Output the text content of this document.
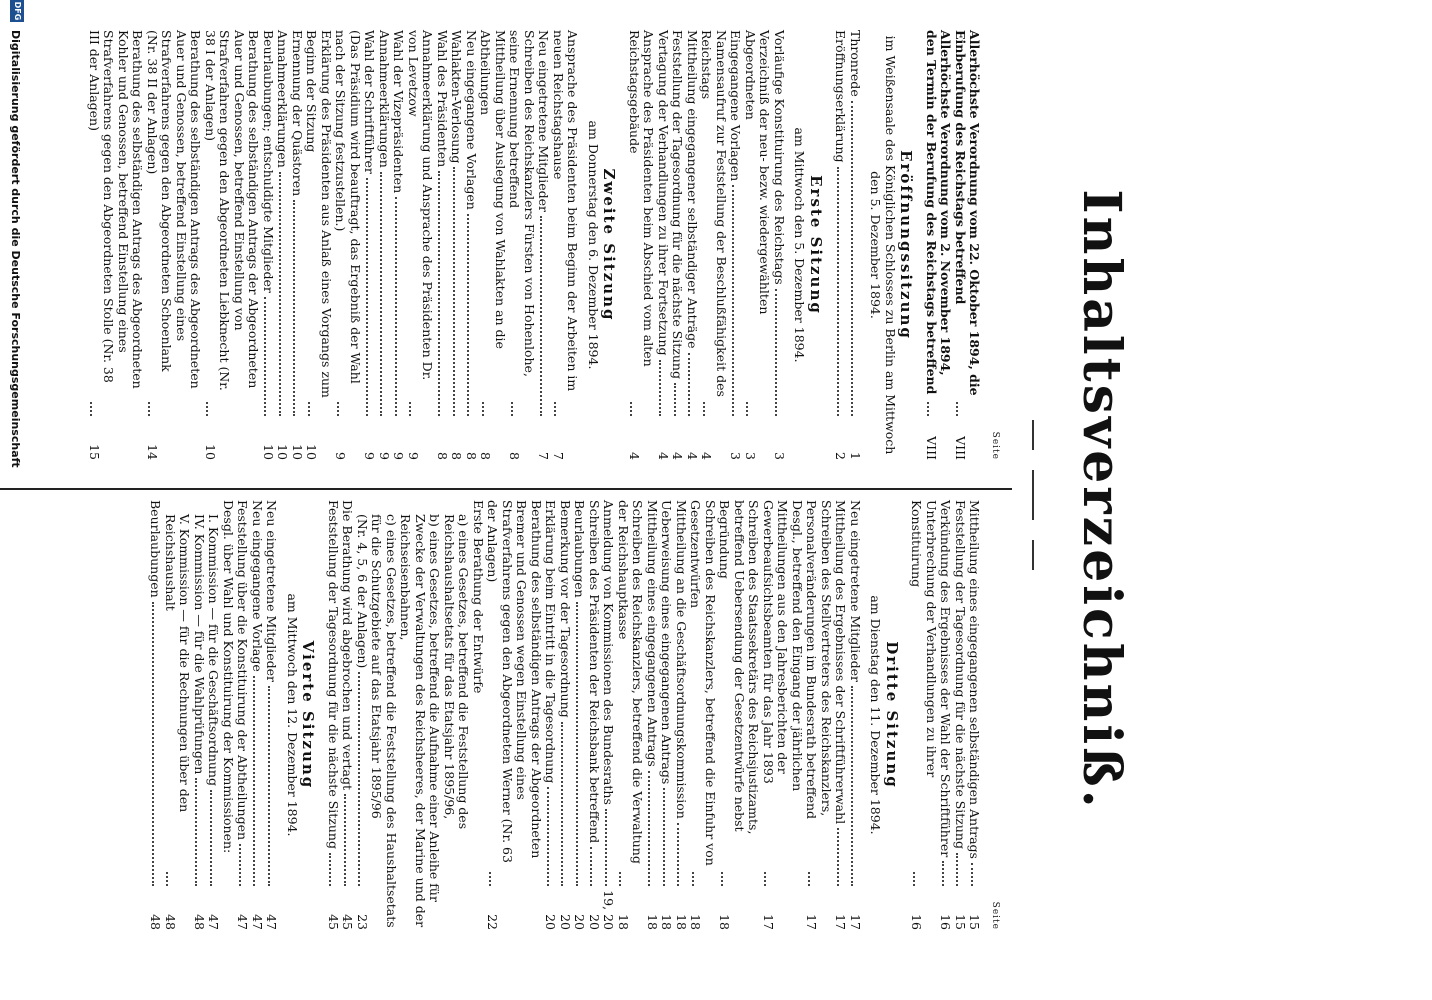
Inhaltsverzeichniß.
Seite
Allerhöchste Verordnung vom 22. Oktober 1894, die Einberufung des Reichstags betreffend
VIII
Allerhöchste Verordnung vom 2. November 1894, den Termin der Berufung des Reichstags betreffend
VIII
Eröffnungssitzung
im Weißensaale des Königlichen Schlosses zu Berlin am Mittwoch den 5. Dezember 1894.
Thronrede
1
Eröffnungserklärung
2
Erste Sitzung
am Mittwoch den 5. Dezember 1894.
Vorläufige Konstituirung des Reichstags
3
Verzeichniß der neu- bezw. wiedergewählten Abgeordneten
3
Eingegangene Vorlagen
3
Namensaufruf zur Feststellung der Beschlußfähigkeit des Reichstags
4
Mittheilung eingegangener selbständiger Anträge
4
Feststellung der Tagesordnung für die nächste Sitzung
4
Vertagung der Verhandlungen zu ihrer Fortsetzung
4
Ansprache des Präsidenten beim Abschied vom alten Reichstagsgebäude
4
Zweite Sitzung
am Donnerstag den 6. Dezember 1894.
Ansprache des Präsidenten beim Beginn der Arbeiten im neuen Reichstagshause
7
Neu eingetretene Mitglieder
7
Schreiben des Reichskanzlers Fürsten von Hohenlohe, seine Ernennung betreffend
8
Mittheilung über Auslegung von Wahlakten an die Abtheilungen
8
Neu eingegangene Vorlagen
8
Wahlakten-Verlosung
8
Wahl des Präsidenten
8
Annahmeerklärung und Ansprache des Präsidenten Dr. von Levetzow
9
Wahl der Vizepräsidenten
9
Annahmeerklärungen
9
Wahl der Schriftführer
9
(Das Präsidium wird beauftragt, das Ergebniß der Wahl nach der Sitzung festzustellen.)
9
Erklärung des Präsidenten aus Anlaß eines Vorgangs zum Beginn der Sitzung
10
Ernennung der Quästoren
10
Annahmeerklärungen
10
Beurlaubungen; entschuldigte Mitglieder
10
Berathung des selbständigen Antrags der Abgeordneten Auer und Genossen, betreffend Einstellung von Strafverfahren gegen den Abgeordneten Liebknecht (Nr. 38 I der Anlagen)
10
Berathung des selbständigen Antrags des Abgeordneten Auer und Genossen, betreffend Einstellung eines Strafverfahrens gegen den Abgeordneten Schoenlank (Nr. 38 II der Anlagen)
14
Berathung des selbständigen Antrags des Abgeordneten Kohler und Genossen, betreffend Einstellung eines Strafverfahrens gegen den Abgeordneten Stolle (Nr. 38 III der Anlagen)
15
Seite
Mittheilung eines eingegangenen selbständigen Antrags
15
Feststellung der Tagesordnung für die nächste Sitzung
15
Verkündung des Ergebnisses der Wahl der Schriftführer
16
Unterbrechung der Verhandlungen zu ihrer Konstituirung
16
Dritte Sitzung
am Dienstag den 11. Dezember 1894.
Neu eingetretene Mitglieder
17
Mittheilung des Ergebnisses der Schriftführerwahl
17
Schreiben des Stellvertreters des Reichskanzlers, Personalveränderungen im Bundesrath betreffend
17
Desgl., betreffend den Eingang der jährlichen Mittheilungen aus den Jahresberichten der Gewerbeaufsichtsbeamten für das Jahr 1893
17
Schreiben des Staatssekretärs des Reichsjustizamts, betreffend Uebersendung der Gesetzentwürfe nebst Begründung
18
Schreiben des Reichskanzlers, betreffend die Einfuhr von Gesetzentwürfen
18
Mittheilung an die Geschäftsordnungskommission
18
Ueberweisung eines eingegangenen Antrags
18
Mittheilung eines eingegangenen Antrags
18
Schreiben des Reichskanzlers, betreffend die Verwaltung der Reichshauptkasse
18
Anmeldung von Kommissionen des Bundesraths
19, 20
Schreiben des Präsidenten der Reichsbank betreffend
20
Beurlaubungen
20
Bemerkung vor der Tagesordnung
20
Erklärung beim Eintritt in die Tagesordnung
20
Berathung des selbständigen Antrags der Abgeordneten Bremer und Genossen wegen Einstellung eines Strafverfahrens gegen den Abgeordneten Werner (Nr. 63 der Anlagen)
22
Erste Berathung der Entwürfe
a) eines Gesetzes, betreffend die Feststellung des Reichshaushaltsetats für das Etatsjahr 1895/96,
b) eines Gesetzes, betreffend die Aufnahme einer Anleihe für Zwecke der Verwaltungen des Reichsheeres, der Marine und der Reichseisenbahnen,
c) eines Gesetzes, betreffend die Feststellung des Haushaltsetats für die Schutzgebiete auf das Etatsjahr 1895/96
(Nr. 4, 5, 6 der Anlagen)
23
Die Berathung wird abgebrochen und vertagt
45
Feststellung der Tagesordnung für die nächste Sitzung
45
Vierte Sitzung
am Mittwoch den 12. Dezember 1894.
Neu eingetretene Mitglieder
47
Neu eingegangene Vorlage
47
Feststellung über die Konstituirung der Abtheilungen
47
Desgl. über Wahl und Konstituirung der Kommissionen:
I. Kommission — für die Geschäftsordnung
47
IV. Kommission — für die Wahlprüfungen
48
V. Kommission — für die Rechnungen über den Reichshaushalt
48
Beurlaubungen
48
DFG
Digitalisierung gefördert durch die Deutsche Forschungsgemeinschaft
